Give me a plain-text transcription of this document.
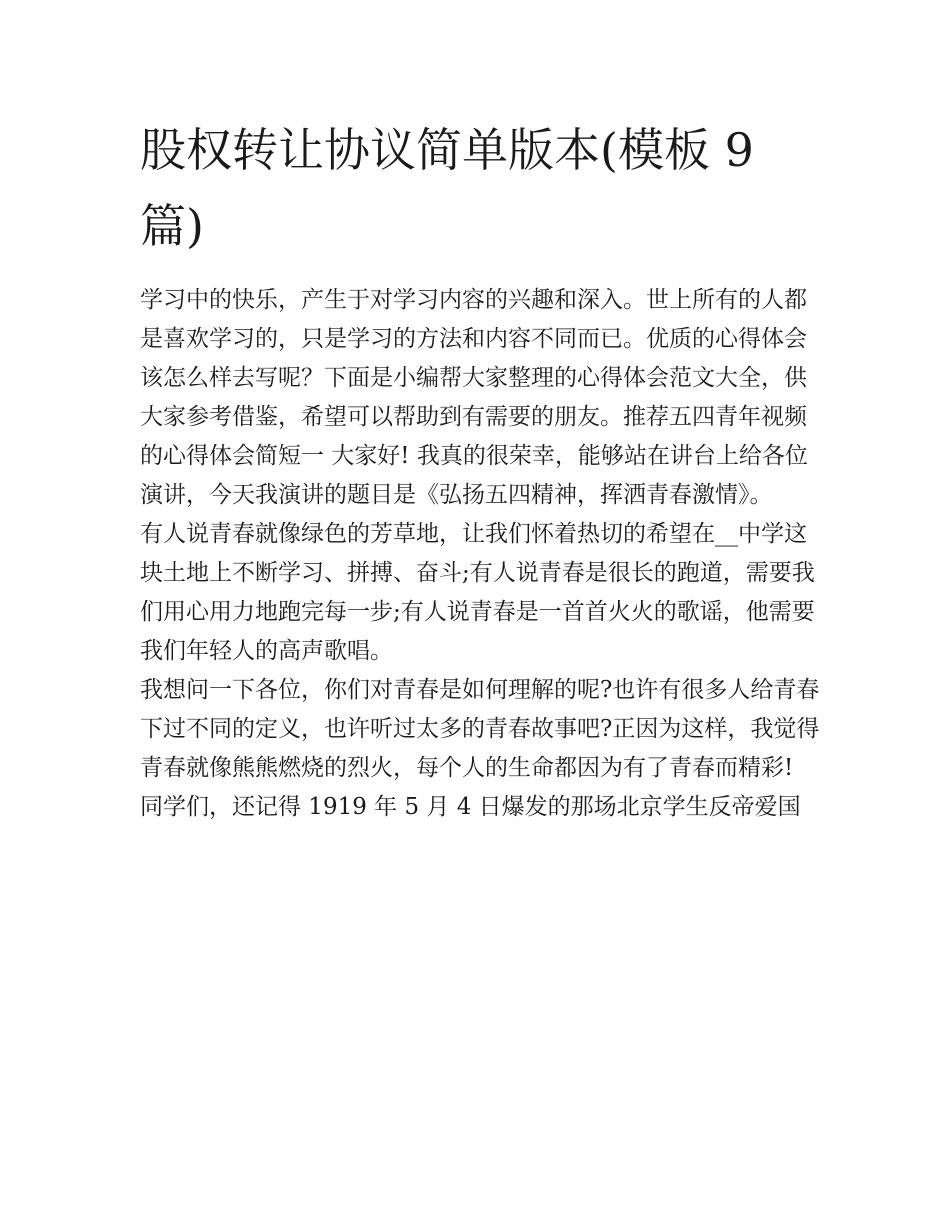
股权转让协议简单版本(模板 9 篇)

学习中的快乐，产生于对学习内容的兴趣和深入。世上所有的人都是喜欢学习的，只是学习的方法和内容不同而已。优质的心得体会该怎么样去写呢？下面是小编帮大家整理的心得体会范文大全，供大家参考借鉴，希望可以帮助到有需要的朋友。推荐五四青年视频的心得体会简短一 大家好! 我真的很荣幸，能够站在讲台上给各位演讲，今天我演讲的题目是《弘扬五四精神，挥洒青春激情》。

有人说青春就像绿色的芳草地，让我们怀着热切的希望在__中学这块土地上不断学习、拼搏、奋斗;有人说青春是很长的跑道，需要我们用心用力地跑完每一步;有人说青春是一首首火火的歌谣，他需要我们年轻人的高声歌唱。

我想问一下各位，你们对青春是如何理解的呢?也许有很多人给青春下过不同的定义，也许听过太多的青春故事吧?正因为这样，我觉得青春就像熊熊燃烧的烈火，每个人的生命都因为有了青春而精彩!

同学们，还记得 1919 年 5 月 4 日爆发的那场北京学生反帝爱国
